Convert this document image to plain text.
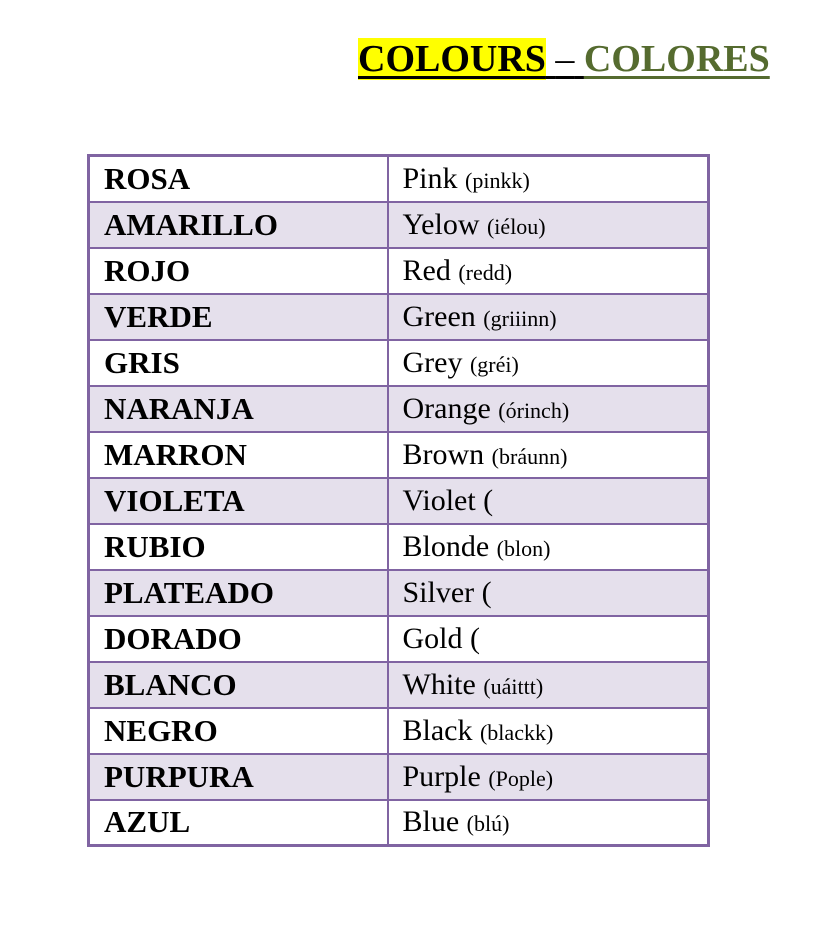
COLOURS – COLORES
ROSA	Pink (pinkk)
AMARILLO	Yelow (iélou)
ROJO	Red (redd)
VERDE	Green (griiinn)
GRIS	Grey (gréi)
NARANJA	Orange (órinch)
MARRON	Brown (bráunn)
VIOLETA	Violet (
RUBIO	Blonde (blon)
PLATEADO	Silver (
DORADO	Gold (
BLANCO	White (uáittt)
NEGRO	Black (blackk)
PURPURA	Purple (Pople)
AZUL	Blue (blú)
